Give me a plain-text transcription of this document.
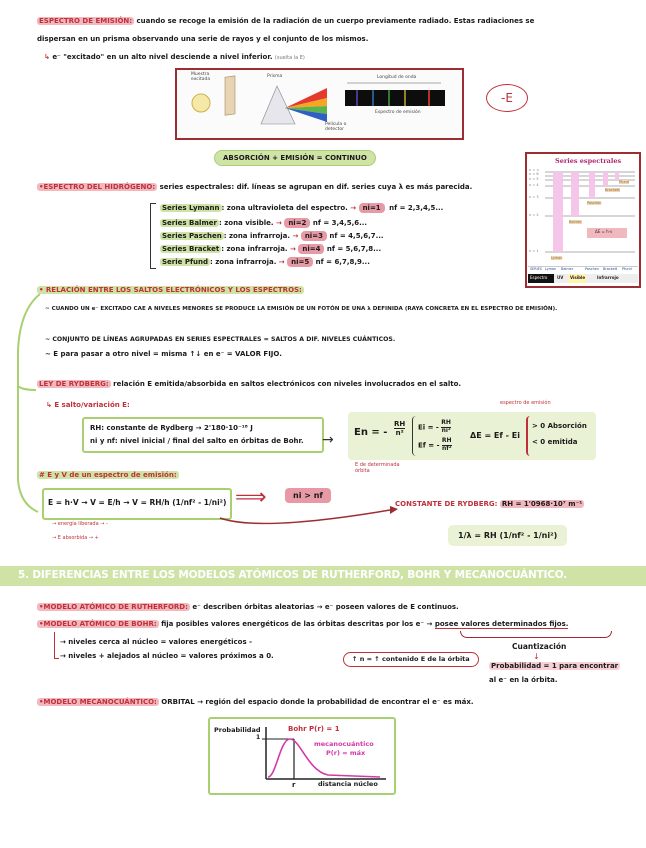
ESPECTRO DE EMISIÓN: cuando se recoge la emisión de la radiación de un cuerpo previamente radiado. Estas radiaciones se
dispersan en un prisma observando una serie de rayos y el conjunto de los mismos.
↳ e⁻ "excitado" en un alto nivel desciende a nivel inferior. (suelta la E)
Muestra excitada
Prisma	Longitud de onda
Espectro de emisión
Película o detector
-E
ABSORCIÓN + EMISIÓN = CONTINUO	Series espectrales
n = ∞
n = 6
n = 5
n = 4
n = 3
n = 2
n = 1
Pfund
Brackett
Paschen
Balmer
Lyman
ΔE = h·v
SERIES Lyman Balmer	Paschen Brackett Pfund
Espectro UV Visible	Infrarrojo
•ESPECTRO DEL HIDRÓGENO: series espectrales: dif. líneas se agrupan en dif. series cuya λ es más parecida.
Series Lymann : zona ultravioleta del espectro. → ni=1 nf = 2,3,4,5...
Series Balmer : zona visible. → ni=2 nf = 3,4,5,6...
Series Paschen : zona infrarroja. → ni=3 nf = 4,5,6,7...
Series Bracket : zona infrarroja. → ni=4 nf = 5,6,7,8...
Serie Pfund : zona infrarroja. → ni=5 nf = 6,7,8,9...
• RELACIÓN ENTRE LOS SALTOS ELECTRÓNICOS Y LOS ESPECTROS:
~ CUANDO UN e⁻ EXCITADO CAE A NIVELES MENORES SE PRODUCE LA EMISIÓN DE UN FOTÓN DE UNA λ DEFINIDA (RAYA CONCRETA EN EL ESPECTRO DE EMISIÓN).
~ CONJUNTO DE LÍNEAS AGRUPADAS EN SERIES ESPECTRALES = SALTOS A DIF. NIVELES CUÁNTICOS.
~ E para pasar a otro nivel = misma ↑↓ en e⁻ = VALOR FIJO.
LEY DE RYDBERG: relación E emitida/absorbida en saltos electrónicos con niveles involucrados en el salto.
↳ E salto/variación E:
RH: constante de Rydberg → 2'180·10⁻¹⁸ J
ni y nf: nivel inicial / final del salto en órbitas de Bohr. →
espectro de emisión
En = -
RH
n²
Ei = - $\frac{RH}{\text{ni²}}$
Ef = - $\frac{RH}{\text{nf²}}$
ΔE = Ef - Ei
> 0 Absorción
< 0 emitida
E de determinada órbita
# E y V de un espectro de emisión:
E = h·V → V = E/h → V = RH/h (1/nf² - 1/ni²) ⟹	ni > nf
CONSTANTE DE RYDBERG: RH = 1'0968·10⁷ m⁻¹
1/λ = RH (1/nf² - 1/ni²)
→ energía liberada → -
→ E absorbida → +
5. DIFERENCIAS ENTRE LOS MODELOS ATÓMICOS DE RUTHERFORD, BOHR Y MECANOCUÁNTICO.
•MODELO ATÓMICO DE RUTHERFORD: e⁻ describen órbitas aleatorias → e⁻ poseen valores de E continuos.
•MODELO ATÓMICO DE BOHR: fija posibles valores energéticos de las órbitas descritas por los e⁻ → posee valores determinados fijos.
Cuantización
↓
Probabilidad = 1 para encontrar
al e⁻ en la órbita.
→ niveles cerca al núcleo = valores energéticos -
→ niveles + alejados al núcleo = valores próximos a 0.	↑ n = ↑ contenido E de la órbita
•MODELO MECANOCUÁNTICO: ORBITAL → región del espacio donde la probabilidad de encontrar el e⁻ es máx.
Probabilidad
1
Bohr P(r) = 1
mecanocuántico
P(r) = máx
r	distancia núcleo
